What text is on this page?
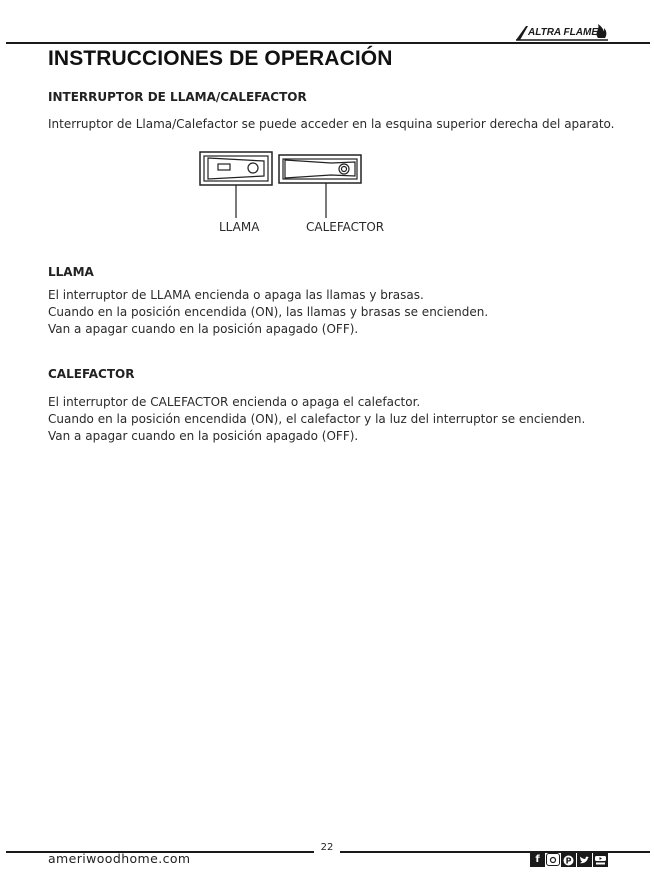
ALTRA FLAME
INSTRUCCIONES DE OPERACIÓN
INTERRUPTOR DE LLAMA/CALEFACTOR

Interruptor de Llama/Calefactor se puede acceder en la esquina superior derecha del aparato.

LLAMA	CALEFACTOR
LLAMA

El interruptor de LLAMA encienda o apaga las llamas y brasas.
Cuando en la posición encendida (ON), las llamas y brasas se encienden.
Van a apagar cuando en la posición apagado (OFF).

CALEFACTOR

El interruptor de CALEFACTOR encienda o apaga el calefactor.
Cuando en la posición encendida (ON), el calefactor y la luz del interruptor se encienden.
Van a apagar cuando en la posición apagado (OFF).

22
ameriwoodhome.com	f	P
